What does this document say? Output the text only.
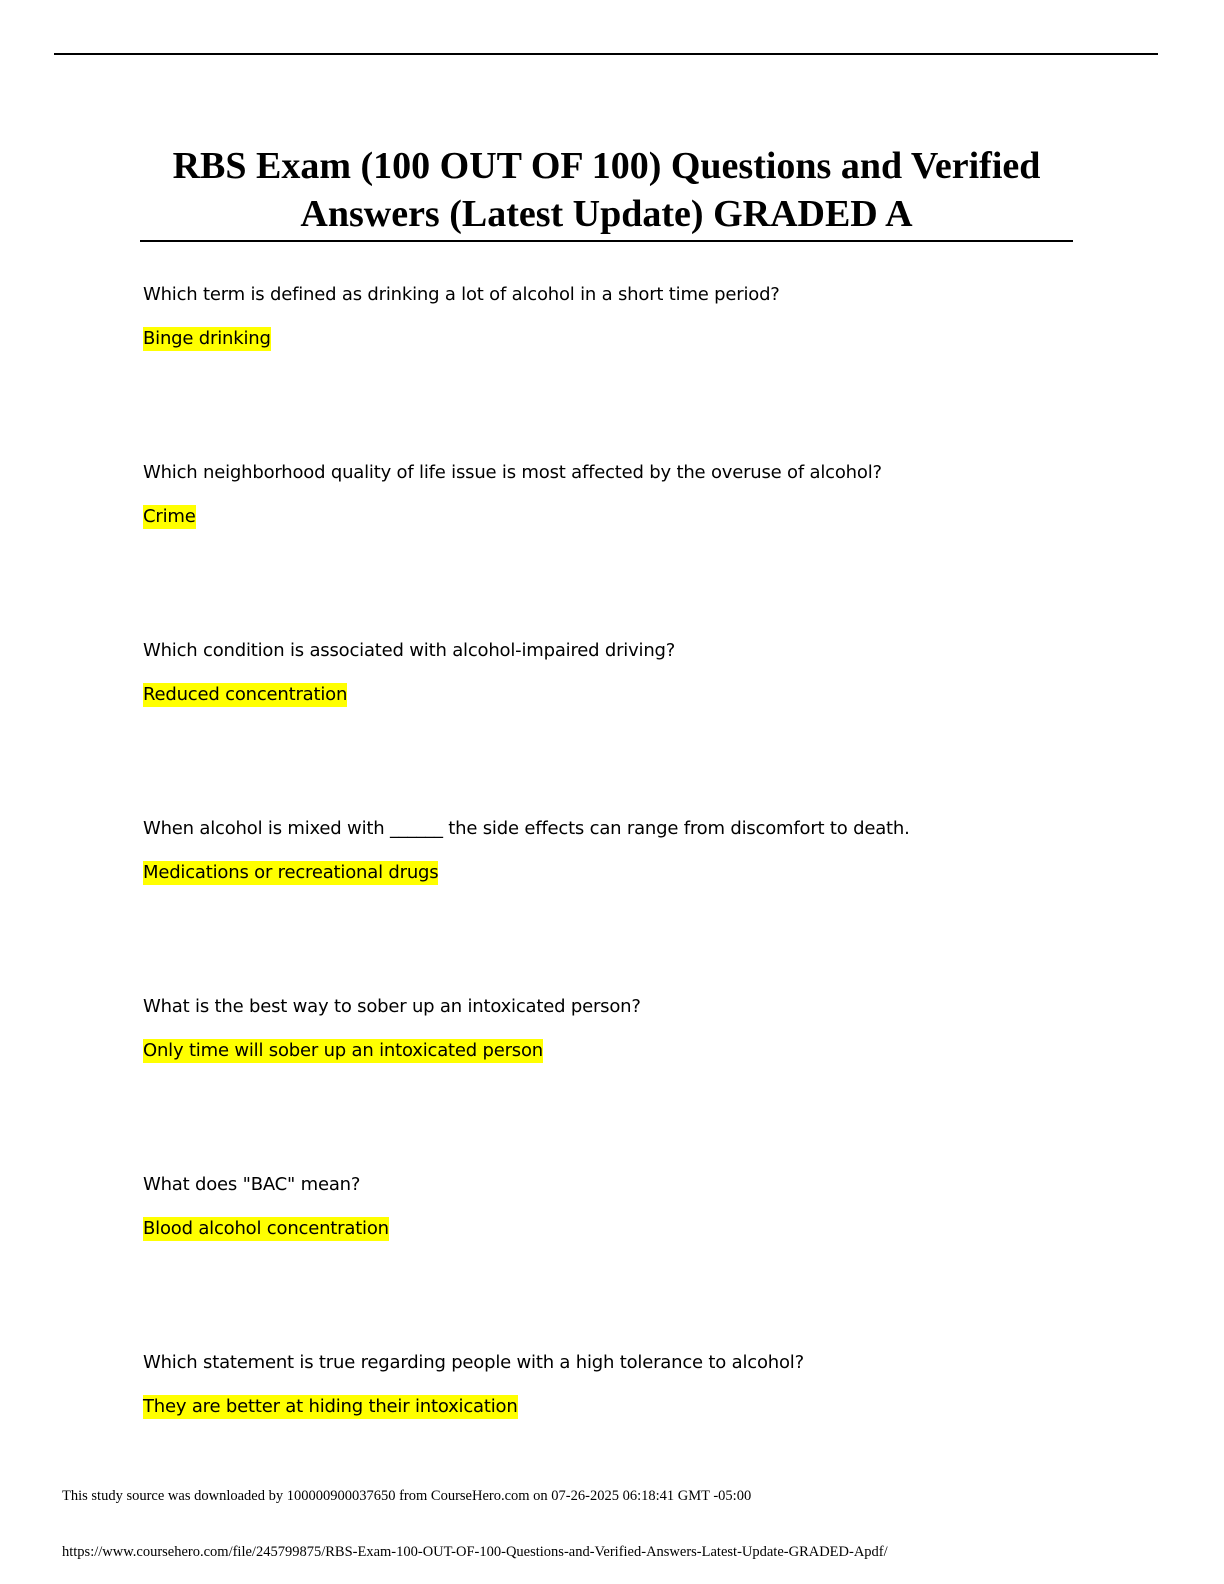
RBS Exam (100 OUT OF 100) Questions and Verified Answers (Latest Update) GRADED A
Which term is defined as drinking a lot of alcohol in a short time period?
Binge drinking
Which neighborhood quality of life issue is most affected by the overuse of alcohol?
Crime
Which condition is associated with alcohol-impaired driving?
Reduced concentration
When alcohol is mixed with ______ the side effects can range from discomfort to death.
Medications or recreational drugs
What is the best way to sober up an intoxicated person?
Only time will sober up an intoxicated person
What does "BAC" mean?
Blood alcohol concentration
Which statement is true regarding people with a high tolerance to alcohol?
They are better at hiding their intoxication
This study source was downloaded by 100000900037650 from CourseHero.com on 07-26-2025 06:18:41 GMT -05:00
https://www.coursehero.com/file/245799875/RBS-Exam-100-OUT-OF-100-Questions-and-Verified-Answers-Latest-Update-GRADED-Apdf/
